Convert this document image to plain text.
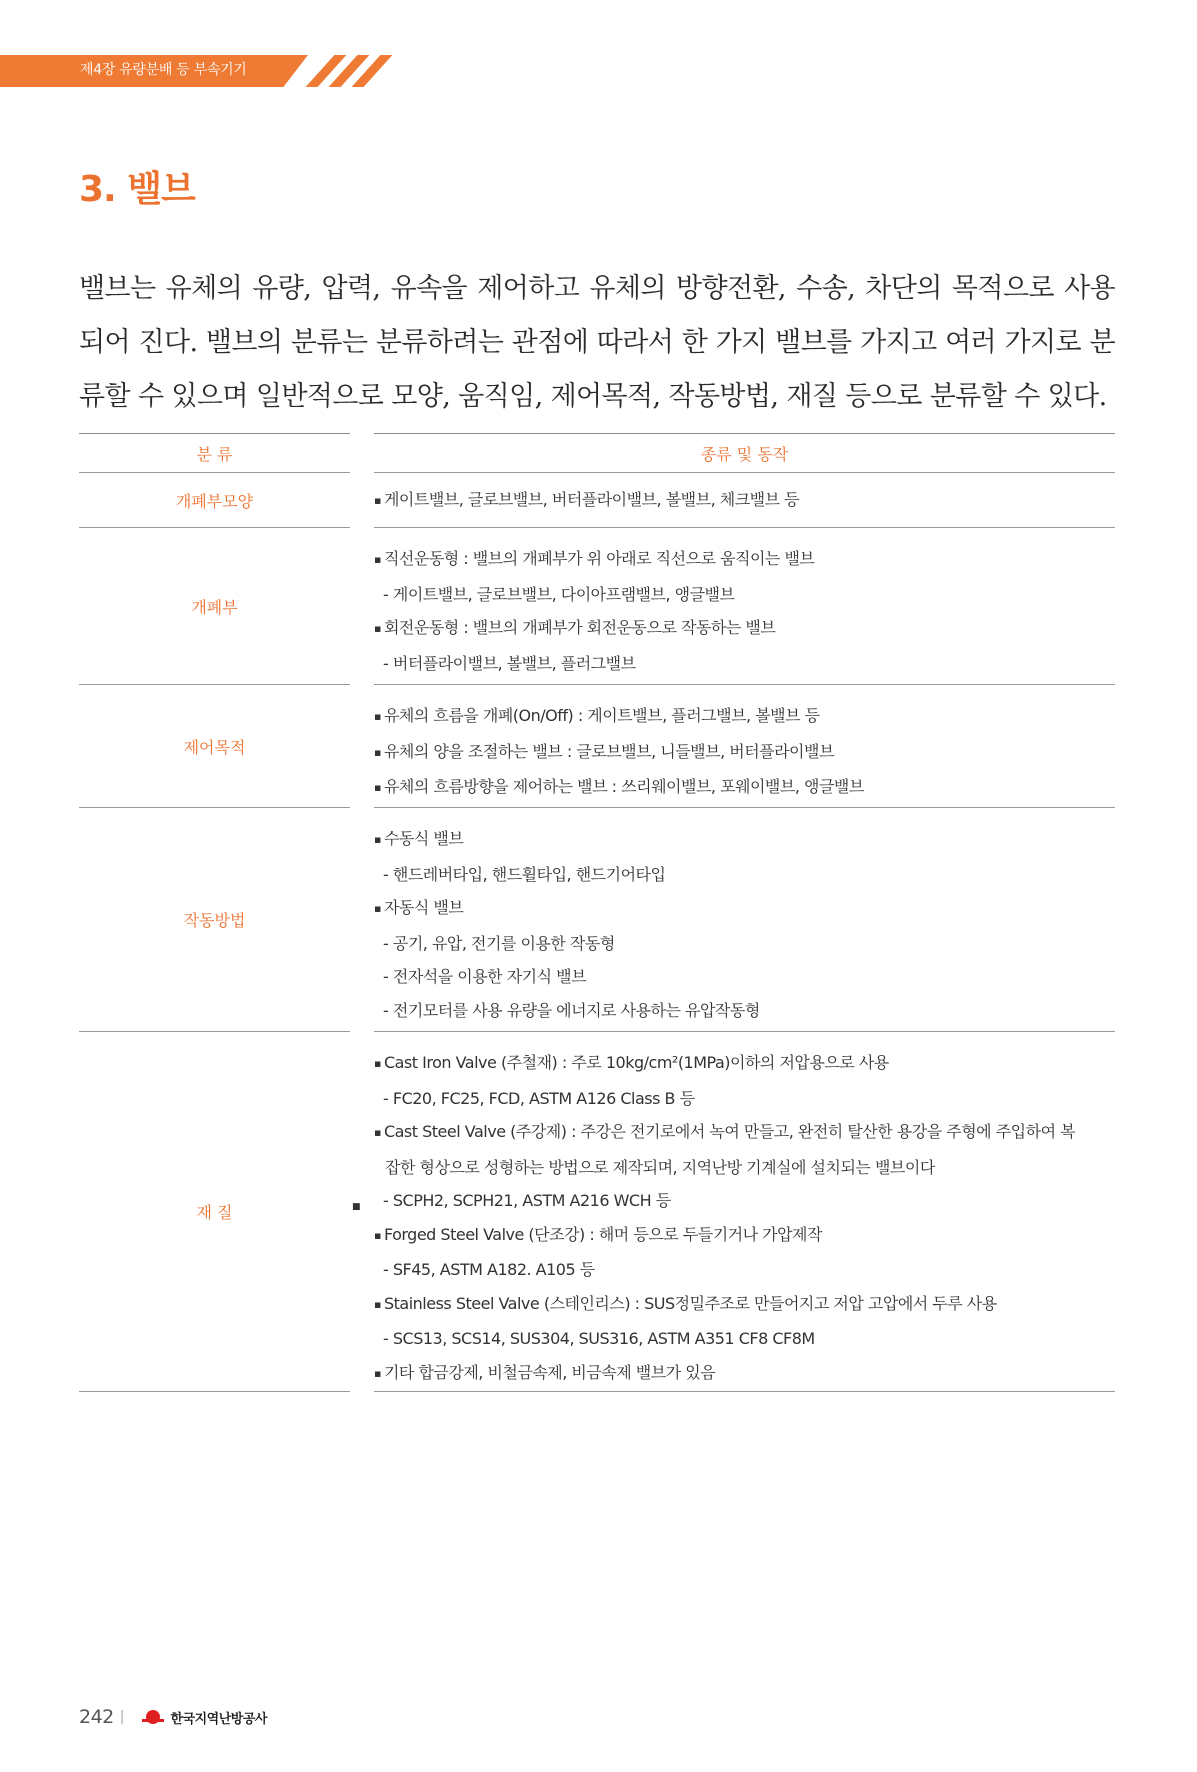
제4장 유량분배 등 부속기기
3. 밸브

밸브는 유체의 유량, 압력, 유속을 제어하고 유체의 방향전환, 수송, 차단의 목적으로 사용되어 진다. 밸브의 분류는 분류하려는 관점에 따라서 한 가지 밸브를 가지고 여러 가지로 분류할 수 있으며 일반적으로 모양, 움직임, 제어목적, 작동방법, 재질 등으로 분류할 수 있다.

분 류	종류 및 동작
개폐부모양
▪	게이트밸브, 글로브밸브, 버터플라이밸브, 볼밸브, 체크밸브 등
개폐부
▪ 직선운동형 : 밸브의 개폐부가 위 아래로 직선으로 움직이는 밸브
- 게이트밸브, 글로브밸브, 다이아프램밸브, 앵글밸브
▪ 회전운동형 : 밸브의 개폐부가 회전운동으로 작동하는 밸브
- 버터플라이밸브, 볼밸브, 플러그밸브
제어목적
▪ 유체의 흐름을 개폐(On/Off) : 게이트밸브, 플러그밸브, 볼밸브 등
▪ 유체의 양을 조절하는 밸브 : 글로브밸브, 니들밸브, 버터플라이밸브
▪ 유체의 흐름방향을 제어하는 밸브 : 쓰리웨이밸브, 포웨이밸브, 앵글밸브
작동방법
▪ 수동식 밸브
- 핸드레버타입, 핸드휠타입, 핸드기어타입
▪ 자동식 밸브
- 공기, 유압, 전기를 이용한 작동형
- 전자석을 이용한 자기식 밸브
- 전기모터를 사용 유량을 에너지로 사용하는 유압작동형
재 질
▪ Cast Iron Valve (주철재) : 주로 10kg/cm²(1MPa)이하의 저압용으로 사용
- FC20, FC25, FCD, ASTM A126 Class B 등
▪ Cast Steel Valve (주강제) : 주강은 전기로에서 녹여 만들고, 완전히 탈산한 용강을 주형에 주입하여 복
잡한 형상으로 성형하는 방법으로 제작되며, 지역난방 기계실에 설치되는 밸브이다
- SCPH2, SCPH21, ASTM A216 WCH 등
▪ Forged Steel Valve (단조강) : 해머 등으로 두들기거나 가압제작
- SF45, ASTM A182. A105 등
▪ Stainless Steel Valve (스테인리스) : SUS정밀주조로 만들어지고 저압 고압에서 두루 사용
- SCS13, SCS14, SUS304, SUS316, ASTM A351 CF8 CF8M
▪ 기타 합금강제, 비철금속제, 비금속제 밸브가 있음
■
242 |	한국지역난방공사
